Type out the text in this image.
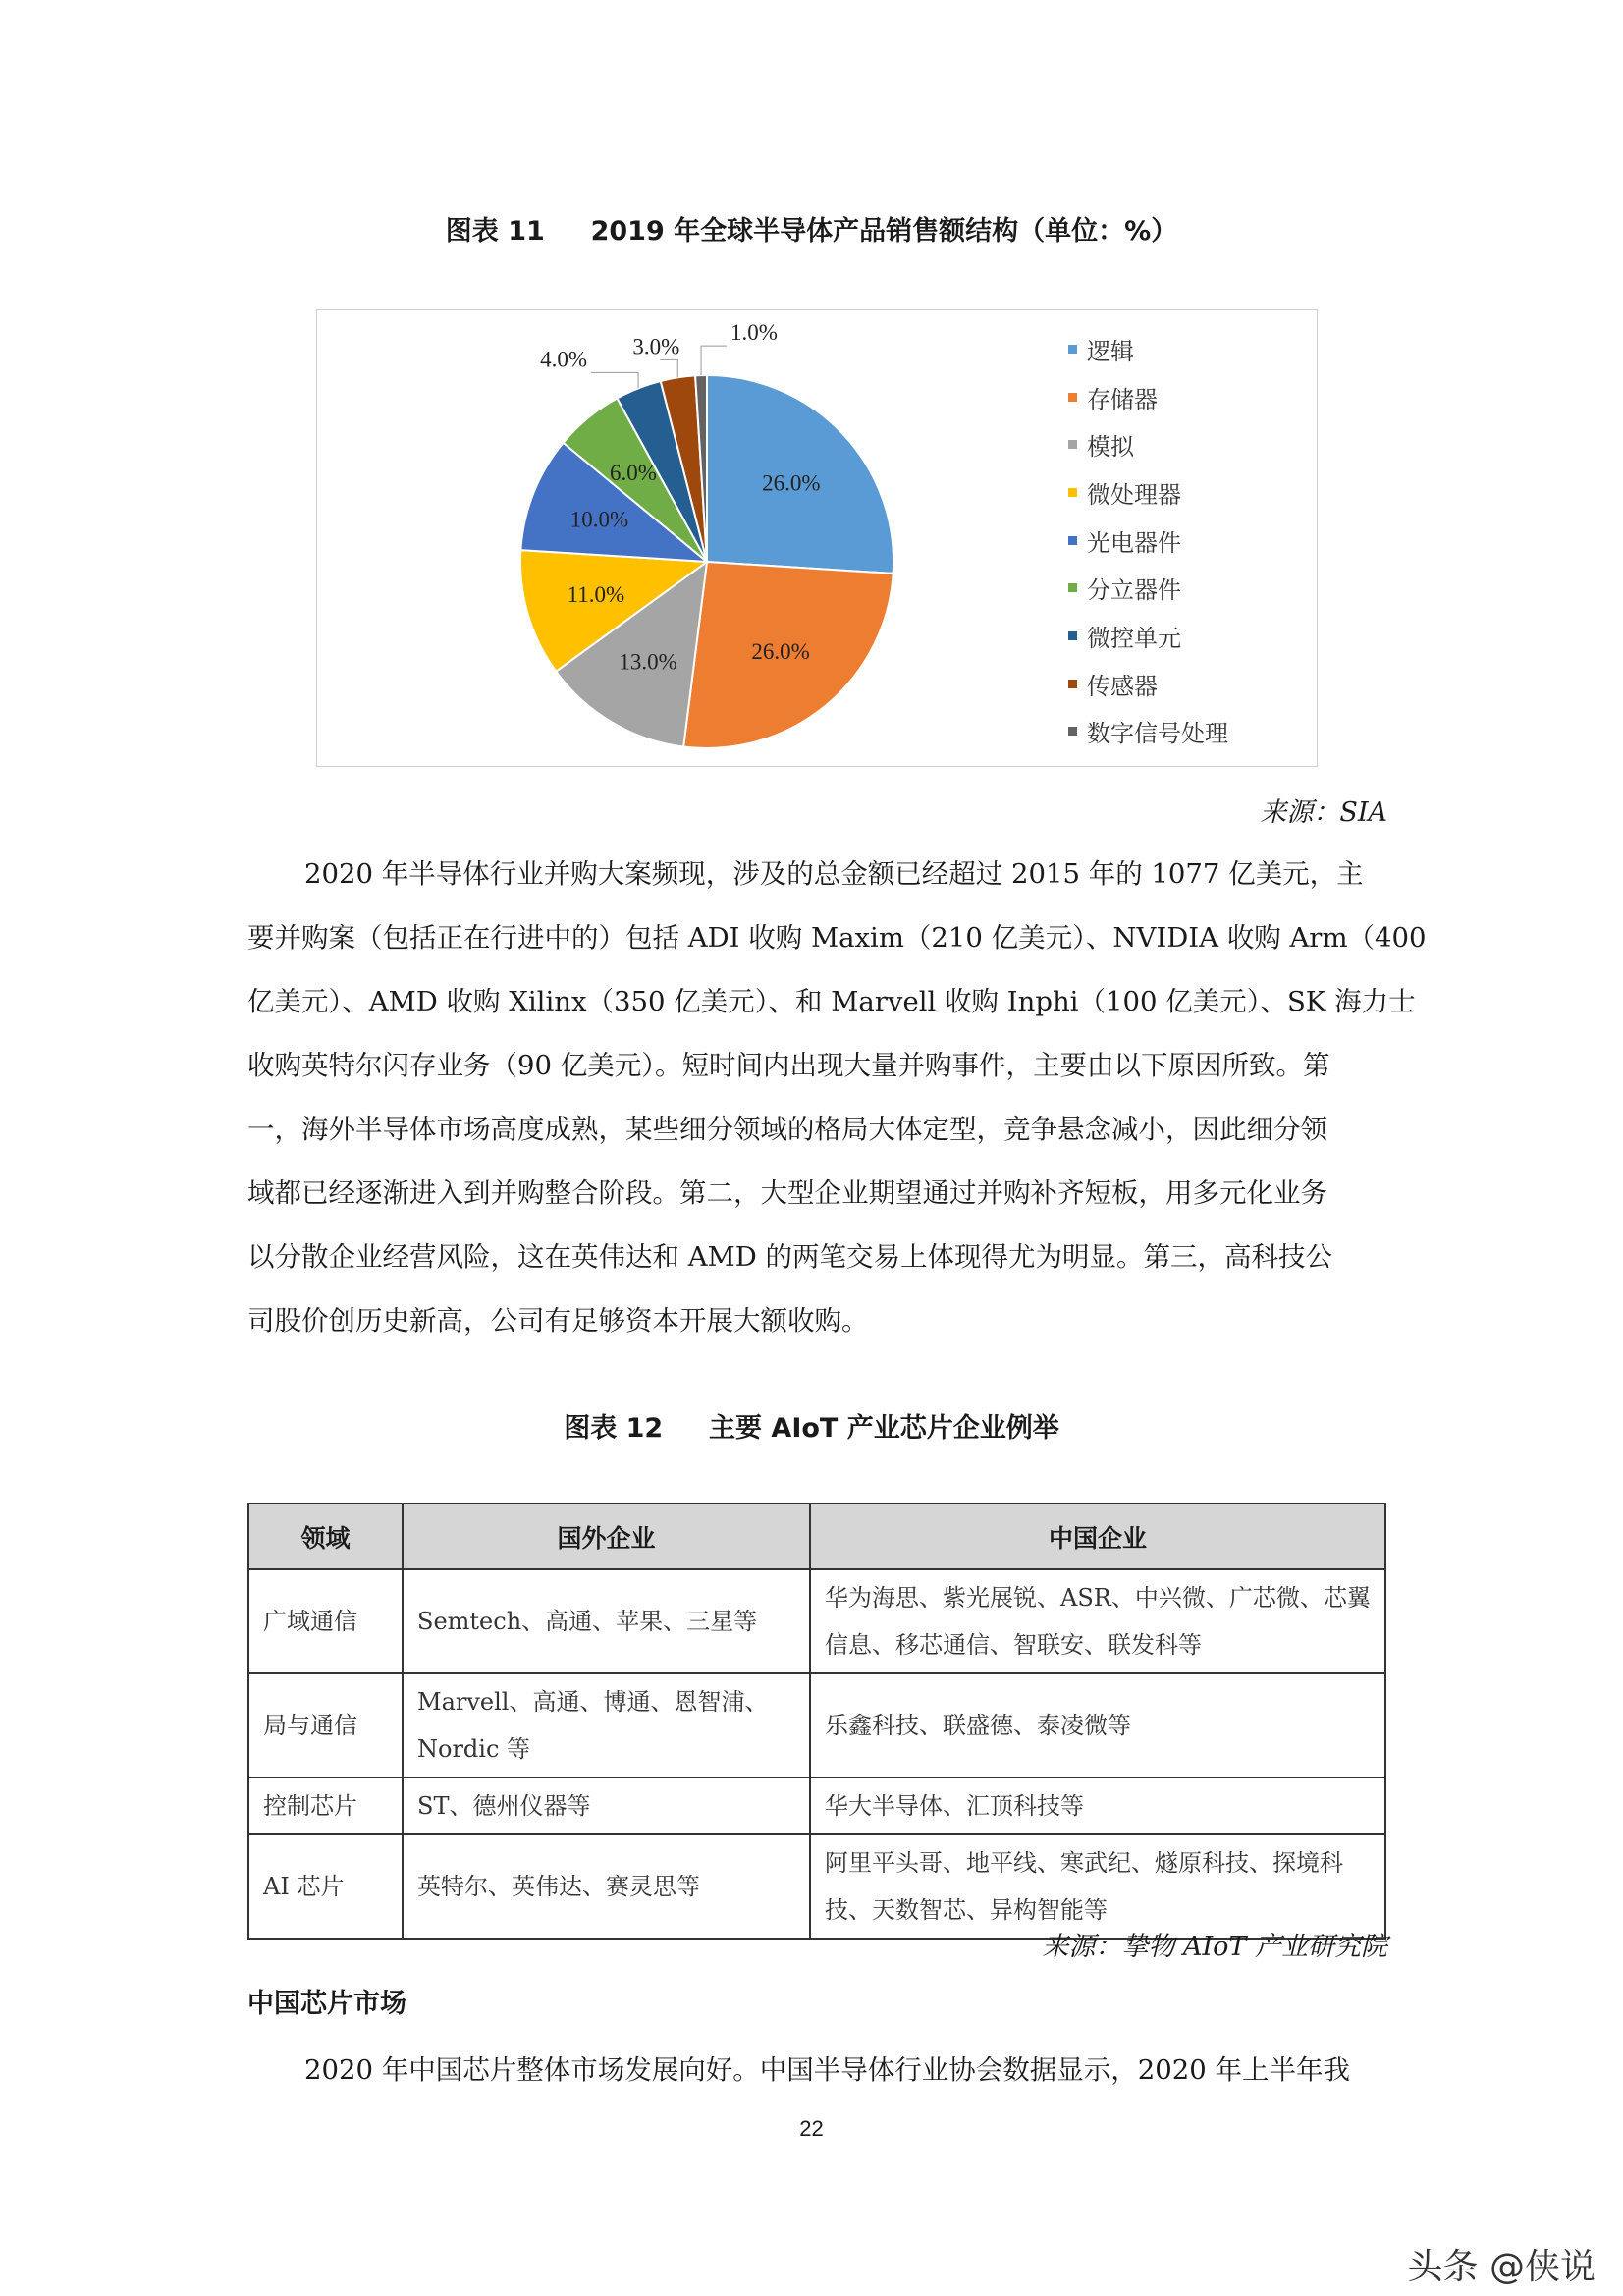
图表 11 2019 年全球半导体产品销售额结构（单位：%）
26.0%
26.0%
13.0%
11.0%
10.0%
6.0%
4.0%
3.0%
1.0%
逻辑
存储器
模拟
微处理器
光电器件
分立器件
微控单元
传感器
数字信号处理
来源：SIA
2020 年半导体行业并购大案频现，涉及的总金额已经超过 2015 年的 1077 亿美元，主
要并购案（包括正在行进中的）包括 ADI 收购 Maxim（210 亿美元）、NVIDIA 收购 Arm（400
亿美元）、AMD 收购 Xilinx（350 亿美元）、和 Marvell 收购 Inphi（100 亿美元）、SK 海力士
收购英特尔闪存业务（90 亿美元）。短时间内出现大量并购事件，主要由以下原因所致。第
一，海外半导体市场高度成熟，某些细分领域的格局大体定型，竞争悬念减小，因此细分领
域都已经逐渐进入到并购整合阶段。第二，大型企业期望通过并购补齐短板，用多元化业务
以分散企业经营风险，这在英伟达和 AMD 的两笔交易上体现得尤为明显。第三，高科技公
司股价创历史新高，公司有足够资本开展大额收购。
图表 12 主要 AIoT 产业芯片企业例举
领域	国外企业	中国企业
广域通信	Semtech、高通、苹果、三星等	华为海思、紫光展锐、ASR、中兴微、广芯微、芯翼信息、移芯通信、智联安、联发科等
局与通信	Marvell、高通、博通、恩智浦、Nordic 等	乐鑫科技、联盛德、泰凌微等
控制芯片	ST、德州仪器等	华大半导体、汇顶科技等
AI 芯片	英特尔、英伟达、赛灵思等	阿里平头哥、地平线、寒武纪、燧原科技、探境科技、天数智芯、异构智能等
来源：挚物 AIoT 产业研究院
中国芯片市场
2020 年中国芯片整体市场发展向好。中国半导体行业协会数据显示，2020 年上半年我
22
头条 @侠说
